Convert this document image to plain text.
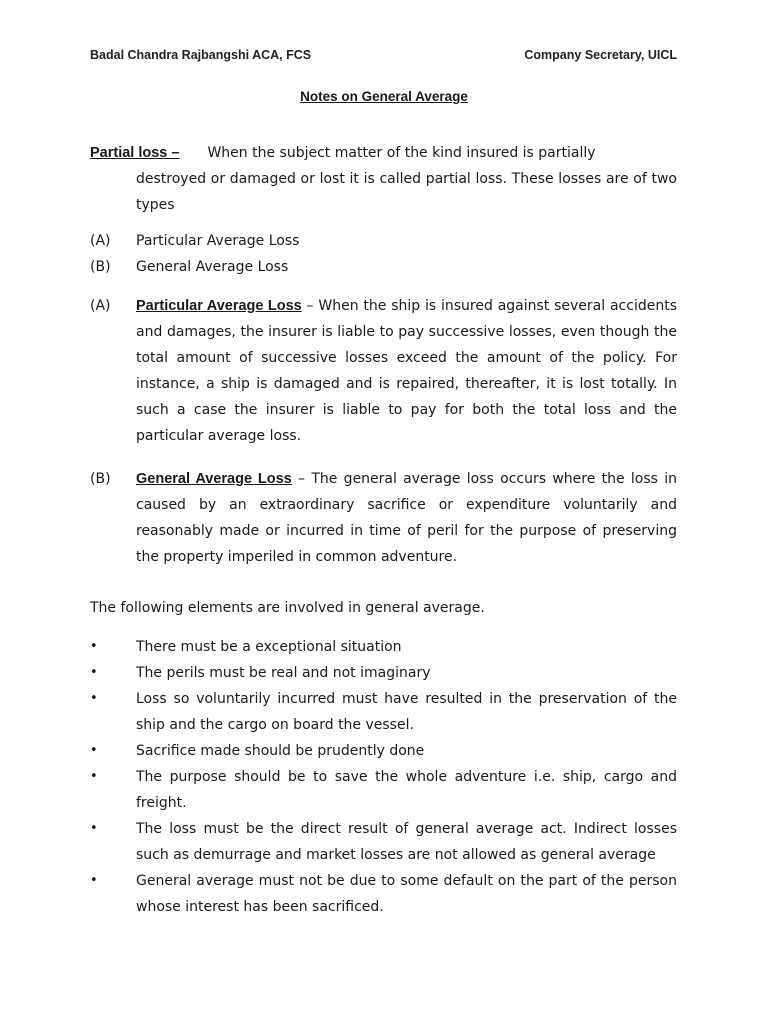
Badal Chandra Rajbangshi ACA, FCS	Company Secretary, UICL
Notes on General Average
Partial loss – When the subject matter of the kind insured is partially
destroyed or damaged or lost it is called partial loss. These losses are of two types
(A) Particular Average Loss
(B) General Average Loss
(A) Particular Average Loss – When the ship is insured against several accidents and damages, the insurer is liable to pay successive losses, even though the total amount of successive losses exceed the amount of the policy. For instance, a ship is damaged and is repaired, thereafter, it is lost totally. In such a case the insurer is liable to pay for both the total loss and the particular average loss.
(B) General Average Loss – The general average loss occurs where the loss in caused by an extraordinary sacrifice or expenditure voluntarily and reasonably made or incurred in time of peril for the purpose of preserving the property imperiled in common adventure.
The following elements are involved in general average.
•	There must be a exceptional situation
•	The perils must be real and not imaginary
•	Loss so voluntarily incurred must have resulted in the preservation of the ship and the cargo on board the vessel.
•	Sacrifice made should be prudently done
•	The purpose should be to save the whole adventure i.e. ship, cargo and freight.
•	The loss must be the direct result of general average act. Indirect losses such as demurrage and market losses are not allowed as general average
•	General average must not be due to some default on the part of the person whose interest has been sacrificed.
